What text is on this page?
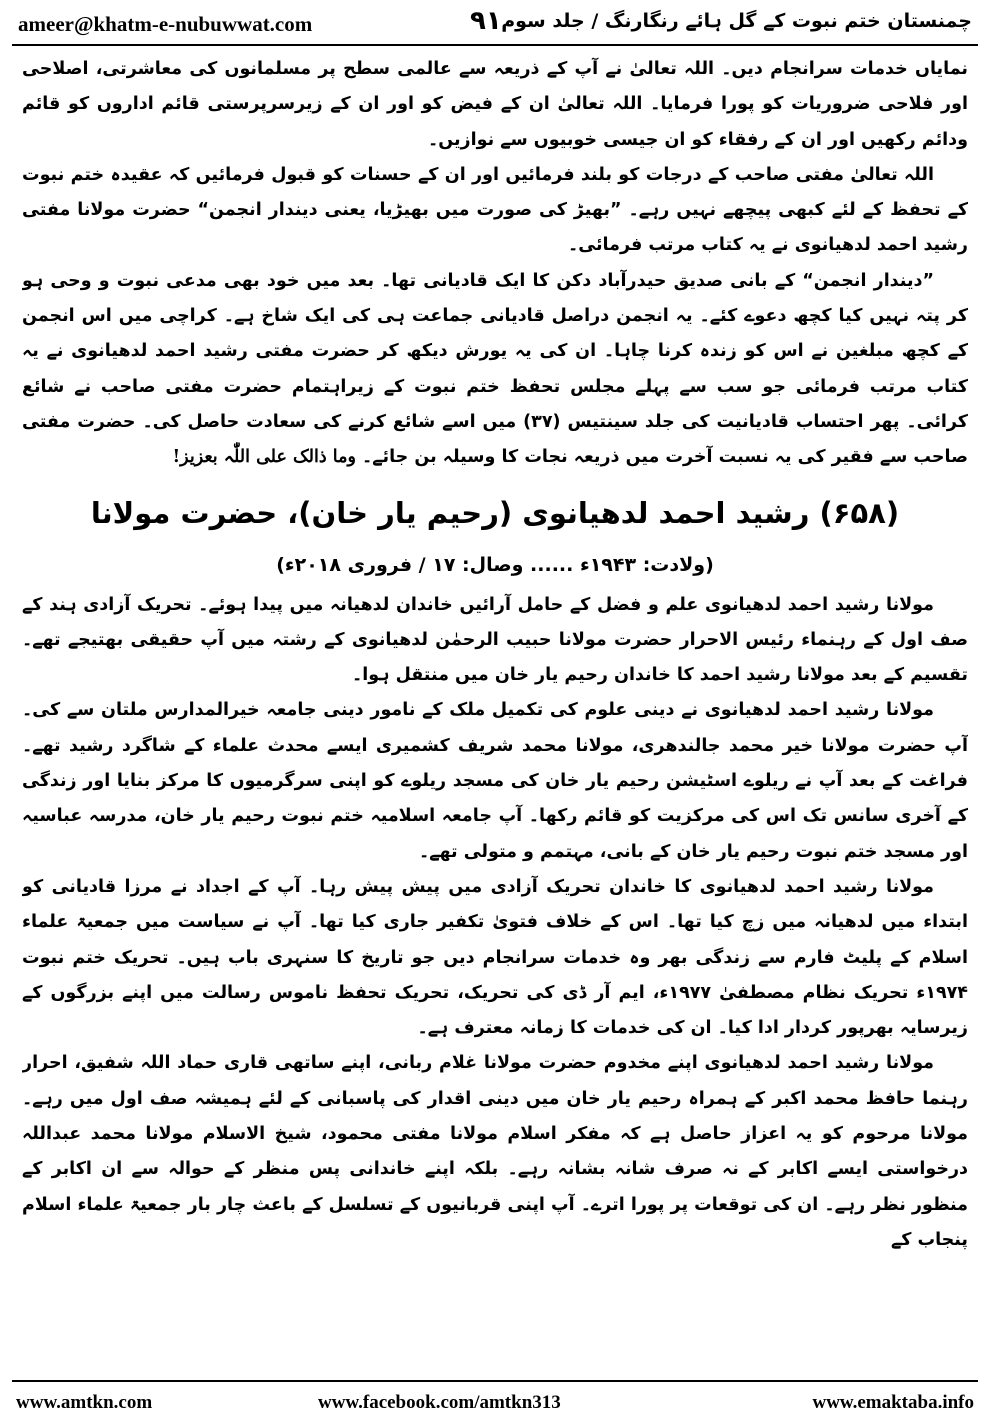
ameer@khatm-e-nubuwwat.com	۹۱ چمنستان ختم نبوت کے گل ہائے رنگارنگ / جلد سوم

نمایاں خدمات سرانجام دیں۔ اللہ تعالیٰ نے آپ کے ذریعہ سے عالمی سطح پر مسلمانوں کی معاشرتی، اصلاحی اور فلاحی ضروریات کو پورا فرمایا۔ اللہ تعالیٰ ان کے فیض کو اور ان کے زیرسرپرستی قائم اداروں کو قائم ودائم رکھیں اور ان کے رفقاء کو ان جیسی خوبیوں سے نوازیں۔

اللہ تعالیٰ مفتی صاحب کے درجات کو بلند فرمائیں اور ان کے حسنات کو قبول فرمائیں کہ عقیدہ ختم نبوت کے تحفظ کے لئے کبھی پیچھے نہیں رہے۔ ”بھیڑ کی صورت میں بھیڑیا، یعنی دیندار انجمن“ حضرت مولانا مفتی رشید احمد لدھیانوی نے یہ کتاب مرتب فرمائی۔

”دیندار انجمن“ کے بانی صدیق حیدرآباد دکن کا ایک قادیانی تھا۔ بعد میں خود بھی مدعی نبوت و وحی ہو کر پتہ نہیں کیا کچھ دعوے کئے۔ یہ انجمن دراصل قادیانی جماعت ہی کی ایک شاخ ہے۔ کراچی میں اس انجمن کے کچھ مبلغین نے اس کو زندہ کرنا چاہا۔ ان کی یہ یورش دیکھ کر حضرت مفتی رشید احمد لدھیانوی نے یہ کتاب مرتب فرمائی جو سب سے پہلے مجلس تحفظ ختم نبوت کے زیراہتمام حضرت مفتی صاحب نے شائع کرائی۔ پھر احتساب قادیانیت کی جلد سینتیس (۳۷) میں اسے شائع کرنے کی سعادت حاصل کی۔ حضرت مفتی صاحب سے فقیر کی یہ نسبت آخرت میں ذریعہ نجات کا وسیلہ بن جائے۔ وما ذالک علی اللّٰہ بعزیز!

(۶۵۸) رشید احمد لدھیانوی (رحیم یار خان)، حضرت مولانا
(ولادت: ۱۹۴۳ء ...... وصال: ۱۷ / فروری ۲۰۱۸ء)

مولانا رشید احمد لدھیانوی علم و فضل کے حامل آرائیں خاندان لدھیانہ میں پیدا ہوئے۔ تحریک آزادی ہند کے صف اول کے رہنماء رئیس الاحرار حضرت مولانا حبیب الرحمٰن لدھیانوی کے رشتہ میں آپ حقیقی بھتیجے تھے۔ تقسیم کے بعد مولانا رشید احمد کا خاندان رحیم یار خان میں منتقل ہوا۔

مولانا رشید احمد لدھیانوی نے دینی علوم کی تکمیل ملک کے نامور دینی جامعہ خیرالمدارس ملتان سے کی۔ آپ حضرت مولانا خیر محمد جالندھری، مولانا محمد شریف کشمیری ایسے محدث علماء کے شاگرد رشید تھے۔ فراغت کے بعد آپ نے ریلوے اسٹیشن رحیم یار خان کی مسجد ریلوے کو اپنی سرگرمیوں کا مرکز بنایا اور زندگی کے آخری سانس تک اس کی مرکزیت کو قائم رکھا۔ آپ جامعہ اسلامیہ ختم نبوت رحیم یار خان، مدرسہ عباسیہ اور مسجد ختم نبوت رحیم یار خان کے بانی، مہتمم و متولی تھے۔

مولانا رشید احمد لدھیانوی کا خاندان تحریک آزادی میں پیش پیش رہا۔ آپ کے اجداد نے مرزا قادیانی کو ابتداء میں لدھیانہ میں زچ کیا تھا۔ اس کے خلاف فتویٰ تکفیر جاری کیا تھا۔ آپ نے سیاست میں جمعیۃ علماء اسلام کے پلیٹ فارم سے زندگی بھر وہ خدمات سرانجام دیں جو تاریخ کا سنہری باب ہیں۔ تحریک ختم نبوت ۱۹۷۴ء تحریک نظام مصطفیٰ ۱۹۷۷ء، ایم آر ڈی کی تحریک، تحریک تحفظ ناموس رسالت میں اپنے بزرگوں کے زیرسایہ بھرپور کردار ادا کیا۔ ان کی خدمات کا زمانہ معترف ہے۔

مولانا رشید احمد لدھیانوی اپنے مخدوم حضرت مولانا غلام ربانی، اپنے ساتھی قاری حماد اللہ شفیق، احرار رہنما حافظ محمد اکبر کے ہمراہ رحیم یار خان میں دینی اقدار کی پاسبانی کے لئے ہمیشہ صف اول میں رہے۔ مولانا مرحوم کو یہ اعزاز حاصل ہے کہ مفکر اسلام مولانا مفتی محمود، شیخ الاسلام مولانا محمد عبداللہ درخواستی ایسے اکابر کے نہ صرف شانہ بشانہ رہے۔ بلکہ اپنے خاندانی پس منظر کے حوالہ سے ان اکابر کے منظور نظر رہے۔ ان کی توقعات پر پورا اترے۔ آپ اپنی قربانیوں کے تسلسل کے باعث چار بار جمعیۃ علماء اسلام پنجاب کے

www.amtkn.com	www.facebook.com/amtkn313	www.emaktaba.info
